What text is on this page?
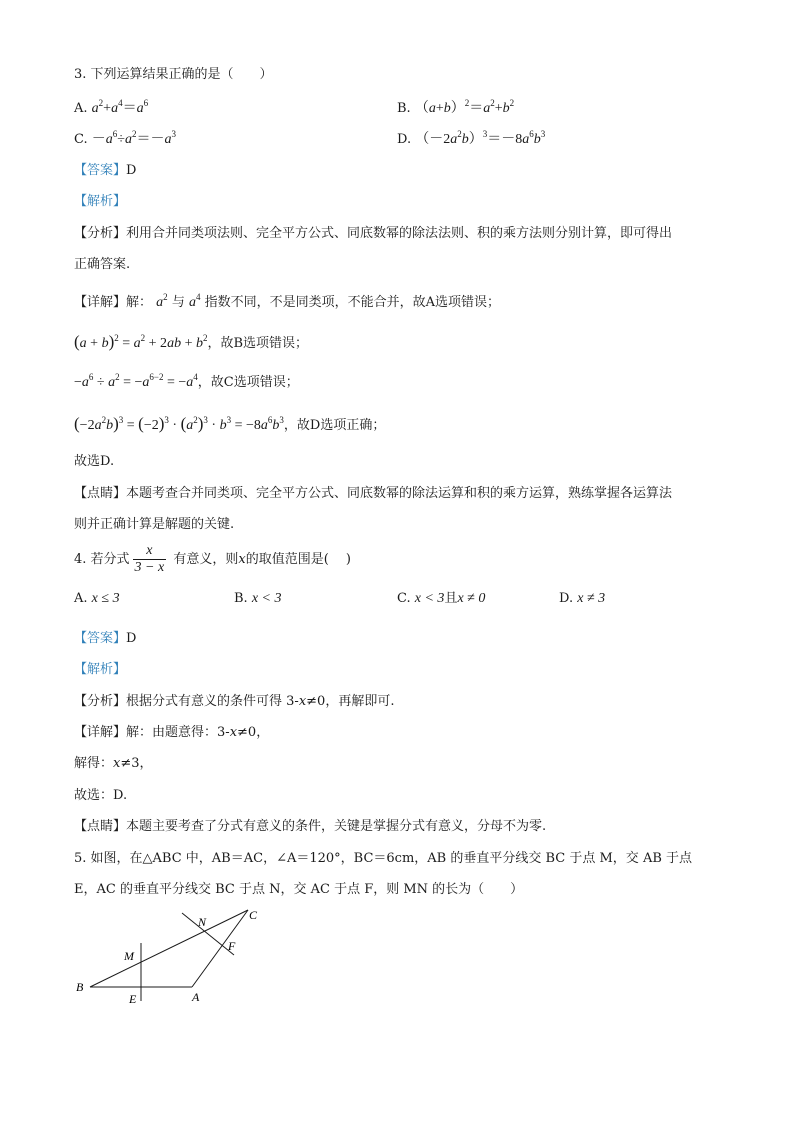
3. 下列运算结果正确的是（　　）
A. $a^2+a^4=a^6$	B. $(a+b)^2=a^2+b^2$
C. $-a^6\div a^2=-a^3$	D. $(-2a^2b)^3=-8a^6b^3$
【答案】D
【解析】
【分析】利用合并同类项法则、完全平方公式、同底数幂的除法法则、积的乘方法则分别计算，即可得出
正确答案.
【详解】解： $a^2$ 与 $a^4$ 指数不同，不是同类项，不能合并，故A选项错误；
$(a + b)^2 = a^2 + 2ab + b^2$，故B选项错误；
$-a^6 \div a^2 = -a^{6-2} = -a^4$，故C选项错误；
$(-2a^2b)^3 = (-2)^3 \cdot (a^2)^3 \cdot b^3 = -8a^6b^3$，故D选项正确；
故选D.
【点睛】本题考查合并同类项、完全平方公式、同底数幂的除法运算和积的乘方运算，熟练掌握各运算法
则并正确计算是解题的关键.
4. 若分式 $\frac{x}{3 - x}$ 有意义，则x的取值范围是(　 )
A. x ≤ 3	B. x < 3	C. x < 3且x ≠ 0	D. x ≠ 3
【答案】D
【解析】
【分析】根据分式有意义的条件可得 3-x≠0，再解即可.
【详解】解：由题意得：3-x≠0，
解得：x≠3，
故选：D.
【点睛】本题主要考查了分式有意义的条件，关键是掌握分式有意义，分母不为零.
5. 如图，在△ABC 中，AB＝AC，∠A＝120°，BC＝6cm，AB 的垂直平分线交 BC 于点 M，交 AB 于点
E，AC 的垂直平分线交 BC 于点 N，交 AC 于点 F，则 MN 的长为（　　）
B
C
A
M
E
N
F
